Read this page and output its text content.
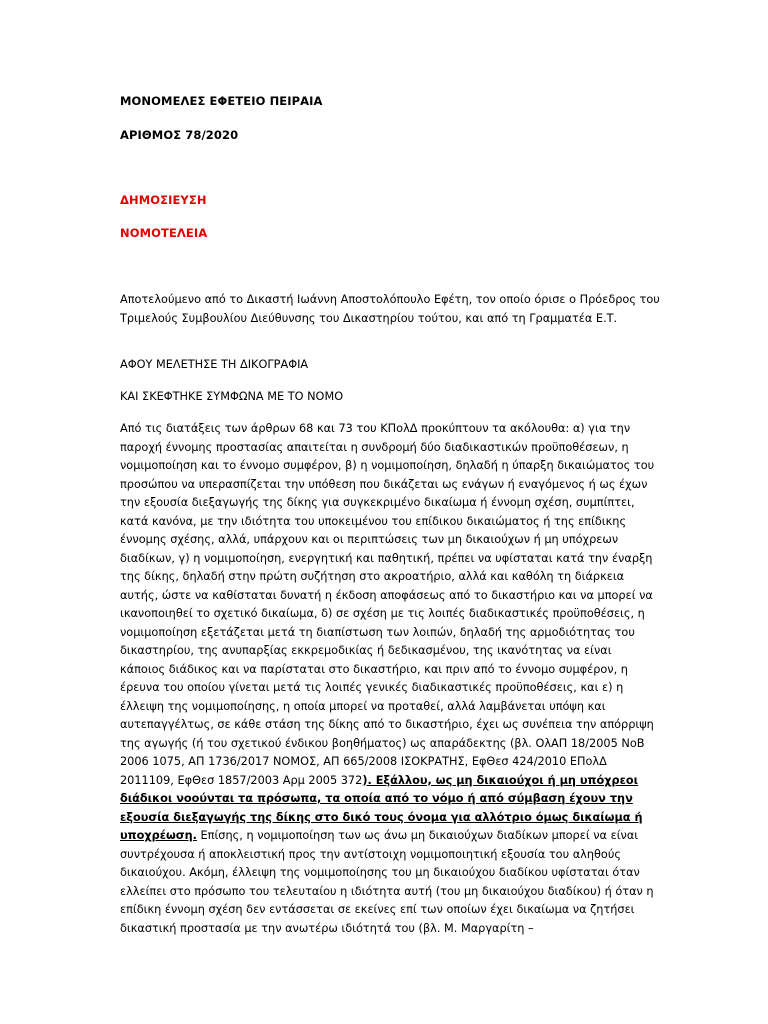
ΜΟΝΟΜΕΛΕΣ ΕΦΕΤΕΙΟ ΠΕΙΡΑΙΑ

ΑΡΙΘΜΟΣ 78/2020

ΔΗΜΟΣΙΕΥΣΗ

ΝΟΜΟΤΕΛΕΙΑ

Αποτελούμενο από το Δικαστή Ιωάννη Αποστολόπουλο Εφέτη, τον οποίο όρισε ο Πρόεδρος του Τριμελούς Συμβουλίου Διεύθυνσης του Δικαστηρίου τούτου, και από τη Γραμματέα Ε.Τ.

ΑΦΟΥ ΜΕΛΕΤΗΣΕ ΤΗ ΔΙΚΟΓΡΑΦΙΑ

ΚΑΙ ΣΚΕΦΤΗΚΕ ΣΥΜΦΩΝΑ ΜΕ ΤΟ ΝΟΜΟ

Από τις διατάξεις των άρθρων 68 και 73 του ΚΠολΔ προκύπτουν τα ακόλουθα: α) για την παροχή έννομης προστασίας απαιτείται η συνδρομή δύο διαδικαστικών προϋποθέσεων, η νομιμοποίηση και το έννομο συμφέρον, β) η νομιμοποίηση, δηλαδή η ύπαρξη δικαιώματος του προσώπου να υπερασπίζεται την υπόθεση που δικάζεται ως ενάγων ή εναγόμενος ή ως έχων την εξουσία διεξαγωγής της δίκης για συγκεκριμένο δικαίωμα ή έννομη σχέση, συμπίπτει, κατά κανόνα, με την ιδιότητα του υποκειμένου του επίδικου δικαιώματος ή της επίδικης έννομης σχέσης, αλλά, υπάρχουν και οι περιπτώσεις των μη δικαιούχων ή μη υπόχρεων διαδίκων, γ) η νομιμοποίηση, ενεργητική και παθητική, πρέπει να υφίσταται κατά την έναρξη της δίκης, δηλαδή στην πρώτη συζήτηση στο ακροατήριο, αλλά και καθόλη τη διάρκεια αυτής, ώστε να καθίσταται δυνατή η έκδοση αποφάσεως από το δικαστήριο και να μπορεί να ικανοποιηθεί το σχετικό δικαίωμα, δ) σε σχέση με τις λοιπές διαδικαστικές προϋποθέσεις, η νομιμοποίηση εξετάζεται μετά τη διαπίστωση των λοιπών, δηλαδή της αρμοδιότητας του δικαστηρίου, της ανυπαρξίας εκκρεμοδικίας ή δεδικασμένου, της ικανότητας να είναι κάποιος διάδικος και να παρίσταται στο δικαστήριο, και πριν από το έννομο συμφέρον, η έρευνα του οποίου γίνεται μετά τις λοιπές γενικές διαδικαστικές προϋποθέσεις, και ε) η έλλειψη της νομιμοποίησης, η οποία μπορεί να προταθεί, αλλά λαμβάνεται υπόψη και αυτεπαγγέλτως, σε κάθε στάση της δίκης από το δικαστήριο, έχει ως συνέπεια την απόρριψη της αγωγής (ή του σχετικού ένδικου βοηθήματος) ως απαράδεκτης (βλ. ΟλΑΠ 18/2005 ΝοΒ 2006 1075, ΑΠ 1736/2017 ΝΟΜΟΣ, ΑΠ 665/2008 ΙΣΟΚΡΑΤΗΣ, ΕφΘεσ 424/2010 ΕΠολΔ 2011109, ΕφΘεσ 1857/2003 Αρμ 2005 372). Εξάλλου, ως μη δικαιούχοι ή μη υπόχρεοι διάδικοι νοούνται τα πρόσωπα, τα οποία από το νόμο ή από σύμβαση έχουν την εξουσία διεξαγωγής της δίκης στο δικό τους όνομα για αλλότριο όμως δικαίωμα ή υποχρέωση. Επίσης, η νομιμοποίηση των ως άνω μη δικαιούχων διαδίκων μπορεί να είναι συντρέχουσα ή αποκλειστική προς την αντίστοιχη νομιμοποιητική εξουσία του αληθούς δικαιούχου. Ακόμη, έλλειψη της νομιμοποίησης του μη δικαιούχου διαδίκου υφίσταται όταν ελλείπει στο πρόσωπο του τελευταίου η ιδιότητα αυτή (του μη δικαιούχου διαδίκου) ή όταν η επίδικη έννομη σχέση δεν εντάσσεται σε εκείνες επί των οποίων έχει δικαίωμα να ζητήσει δικαστική προστασία με την ανωτέρω ιδιότητά του (βλ. Μ. Μαργαρίτη –
